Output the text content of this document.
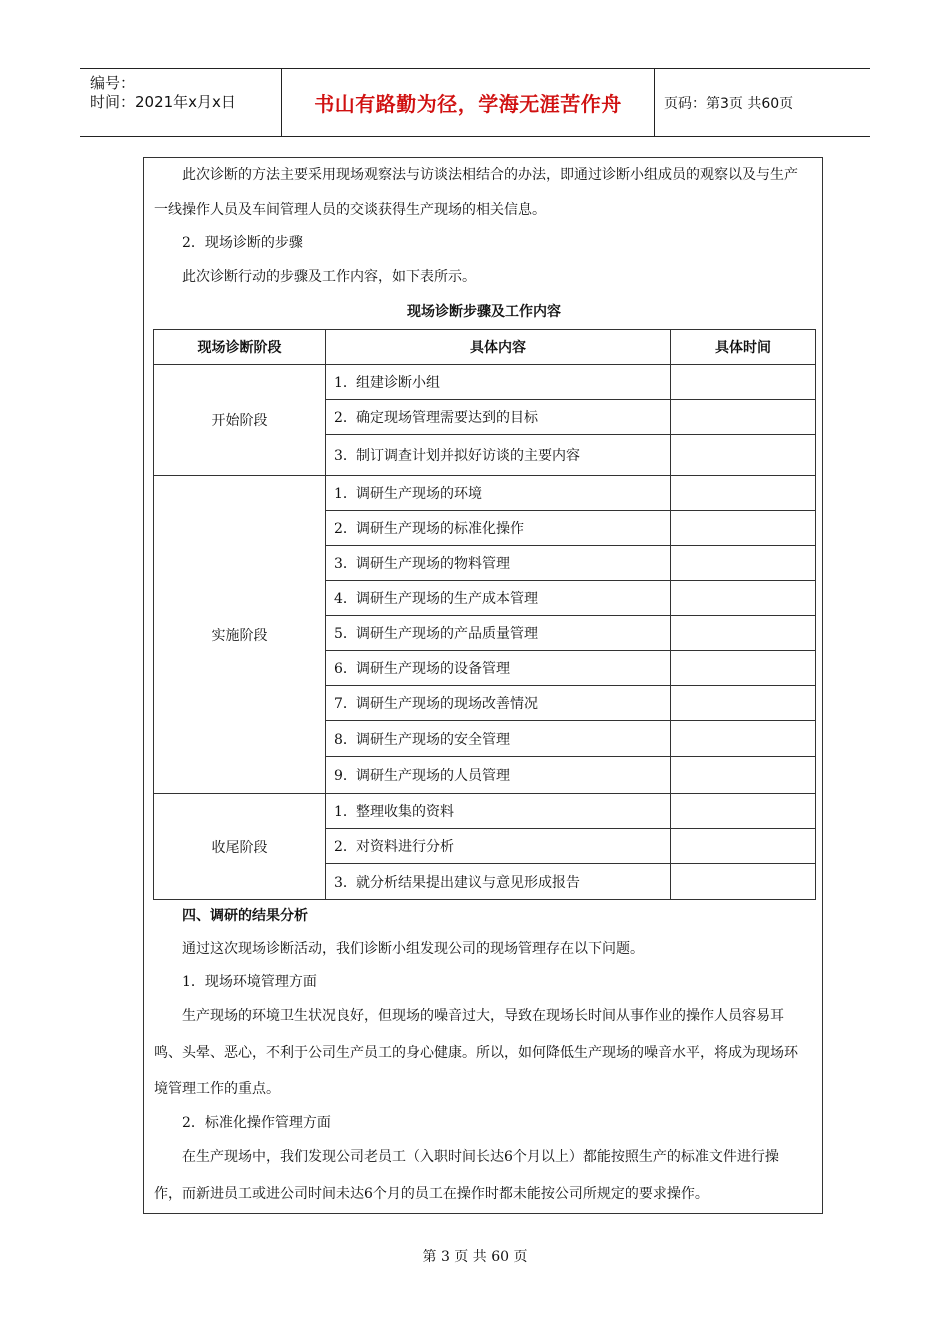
编号：
时间：2021年x月x日	书山有路勤为径，学海无涯苦作舟	页码：第3页 共60页
此次诊断的方法主要采用现场观察法与访谈法相结合的办法，即通过诊断小组成员的观察以及与生产
一线操作人员及车间管理人员的交谈获得生产现场的相关信息。
2．现场诊断的步骤
此次诊断行动的步骤及工作内容，如下表所示。
现场诊断步骤及工作内容
现场诊断阶段	具体内容	具体时间
开始阶段	1．组建诊断小组	
	2．确定现场管理需要达到的目标	
	3．制订调查计划并拟好访谈的主要内容	
实施阶段	1．调研生产现场的环境	
	2．调研生产现场的标准化操作	
	3．调研生产现场的物料管理	
	4．调研生产现场的生产成本管理	
	5．调研生产现场的产品质量管理	
	6．调研生产现场的设备管理	
	7．调研生产现场的现场改善情况	
	8．调研生产现场的安全管理	
	9．调研生产现场的人员管理	
收尾阶段	1．整理收集的资料	
	2．对资料进行分析	
	3．就分析结果提出建议与意见形成报告	
四、调研的结果分析
通过这次现场诊断活动，我们诊断小组发现公司的现场管理存在以下问题。
1．现场环境管理方面
生产现场的环境卫生状况良好，但现场的噪音过大，导致在现场长时间从事作业的操作人员容易耳
鸣、头晕、恶心，不利于公司生产员工的身心健康。所以，如何降低生产现场的噪音水平，将成为现场环
境管理工作的重点。
2．标准化操作管理方面
在生产现场中，我们发现公司老员工（入职时间长达6个月以上）都能按照生产的标准文件进行操
作，而新进员工或进公司时间未达6个月的员工在操作时都未能按公司所规定的要求操作。
第 3 页 共 60 页
